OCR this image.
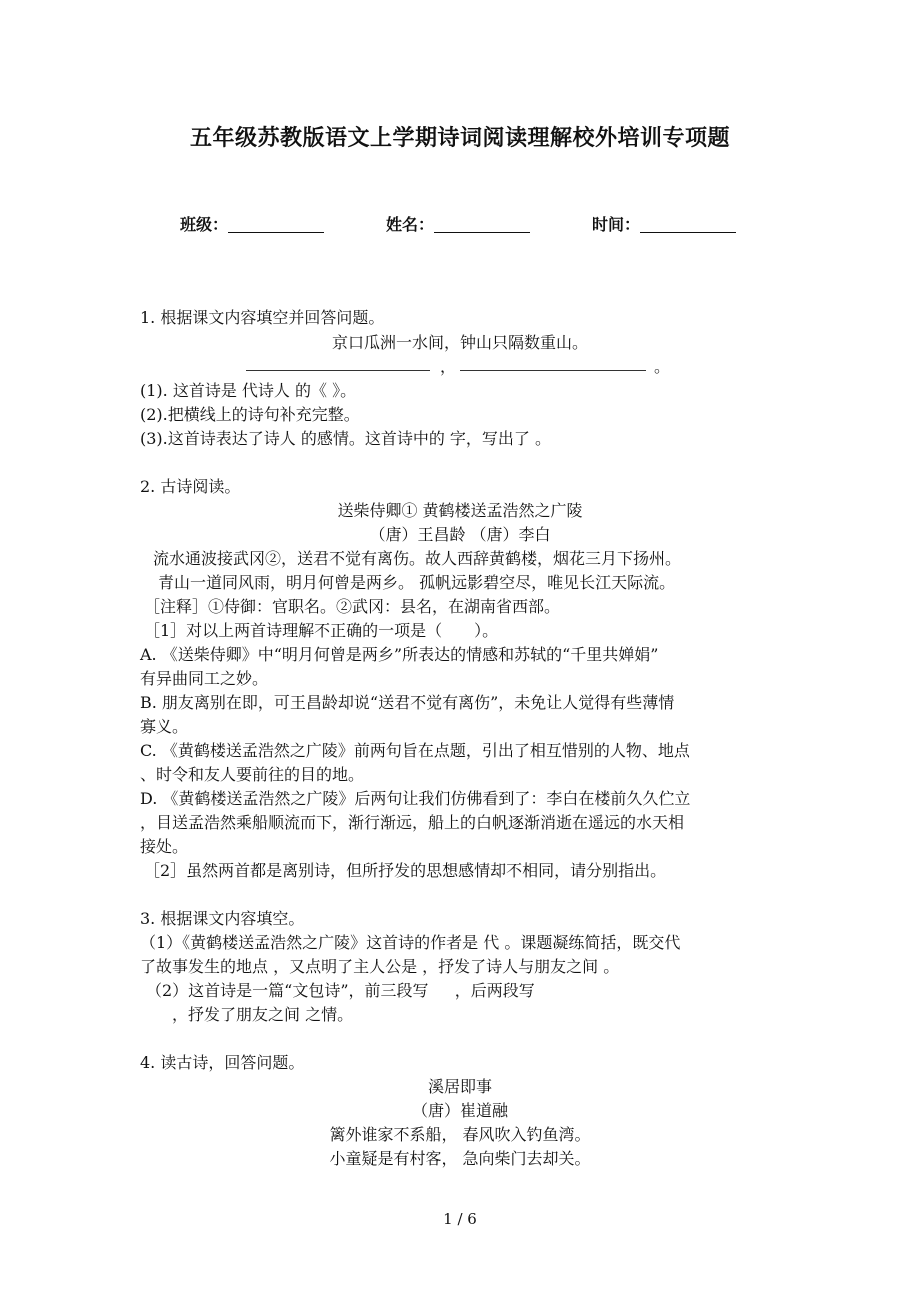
五年级苏教版语文上学期诗词阅读理解校外培训专项题
班级：	姓名：	时间：
1. 根据课文内容填空并回答问题。
京口瓜洲一水间，钟山只隔数重山。
，	。
(1). 这首诗是 代诗人 的《 》。
(2).把横线上的诗句补充完整。
(3).这首诗表达了诗人 的感情。这首诗中的 字，写出了 。
2. 古诗阅读。
送柴侍卿① 黄鹤楼送孟浩然之广陵
（唐）王昌龄 （唐）李白
流水通波接武冈②，送君不觉有离伤。故人西辞黄鹤楼，烟花三月下扬州。
青山一道同风雨，明月何曾是两乡。 孤帆远影碧空尽，唯见长江天际流。
［注释］①侍御：官职名。②武冈：县名，在湖南省西部。
［1］对以上两首诗理解不正确的一项是（　　）。
A. 《送柴侍卿》中“明月何曾是两乡”所表达的情感和苏轼的“千里共婵娟”
有异曲同工之妙。
B. 朋友离别在即，可王昌龄却说“送君不觉有离伤”，未免让人觉得有些薄情
寡义。
C. 《黄鹤楼送孟浩然之广陵》前两句旨在点题，引出了相互惜别的人物、地点
、时令和友人要前往的目的地。
D. 《黄鹤楼送孟浩然之广陵》后两句让我们仿佛看到了：李白在楼前久久伫立
，目送孟浩然乘船顺流而下，渐行渐远，船上的白帆逐渐消逝在遥远的水天相
接处。
［2］虽然两首都是离别诗，但所抒发的思想感情却不相同，请分别指出。
3. 根据课文内容填空。
（1）《黄鹤楼送孟浩然之广陵》这首诗的作者是 代 。课题凝练简括，既交代
了故事发生的地点 ，又点明了主人公是 ，抒发了诗人与朋友之间 。
（2）这首诗是一篇“文包诗”，前三段写 　 ，后两段写
，抒发了朋友之间 之情。
4. 读古诗，回答问题。
溪居即事
（唐）崔道融
篱外谁家不系船， 春风吹入钓鱼湾。
小童疑是有村客， 急向柴门去却关。
1 / 6
